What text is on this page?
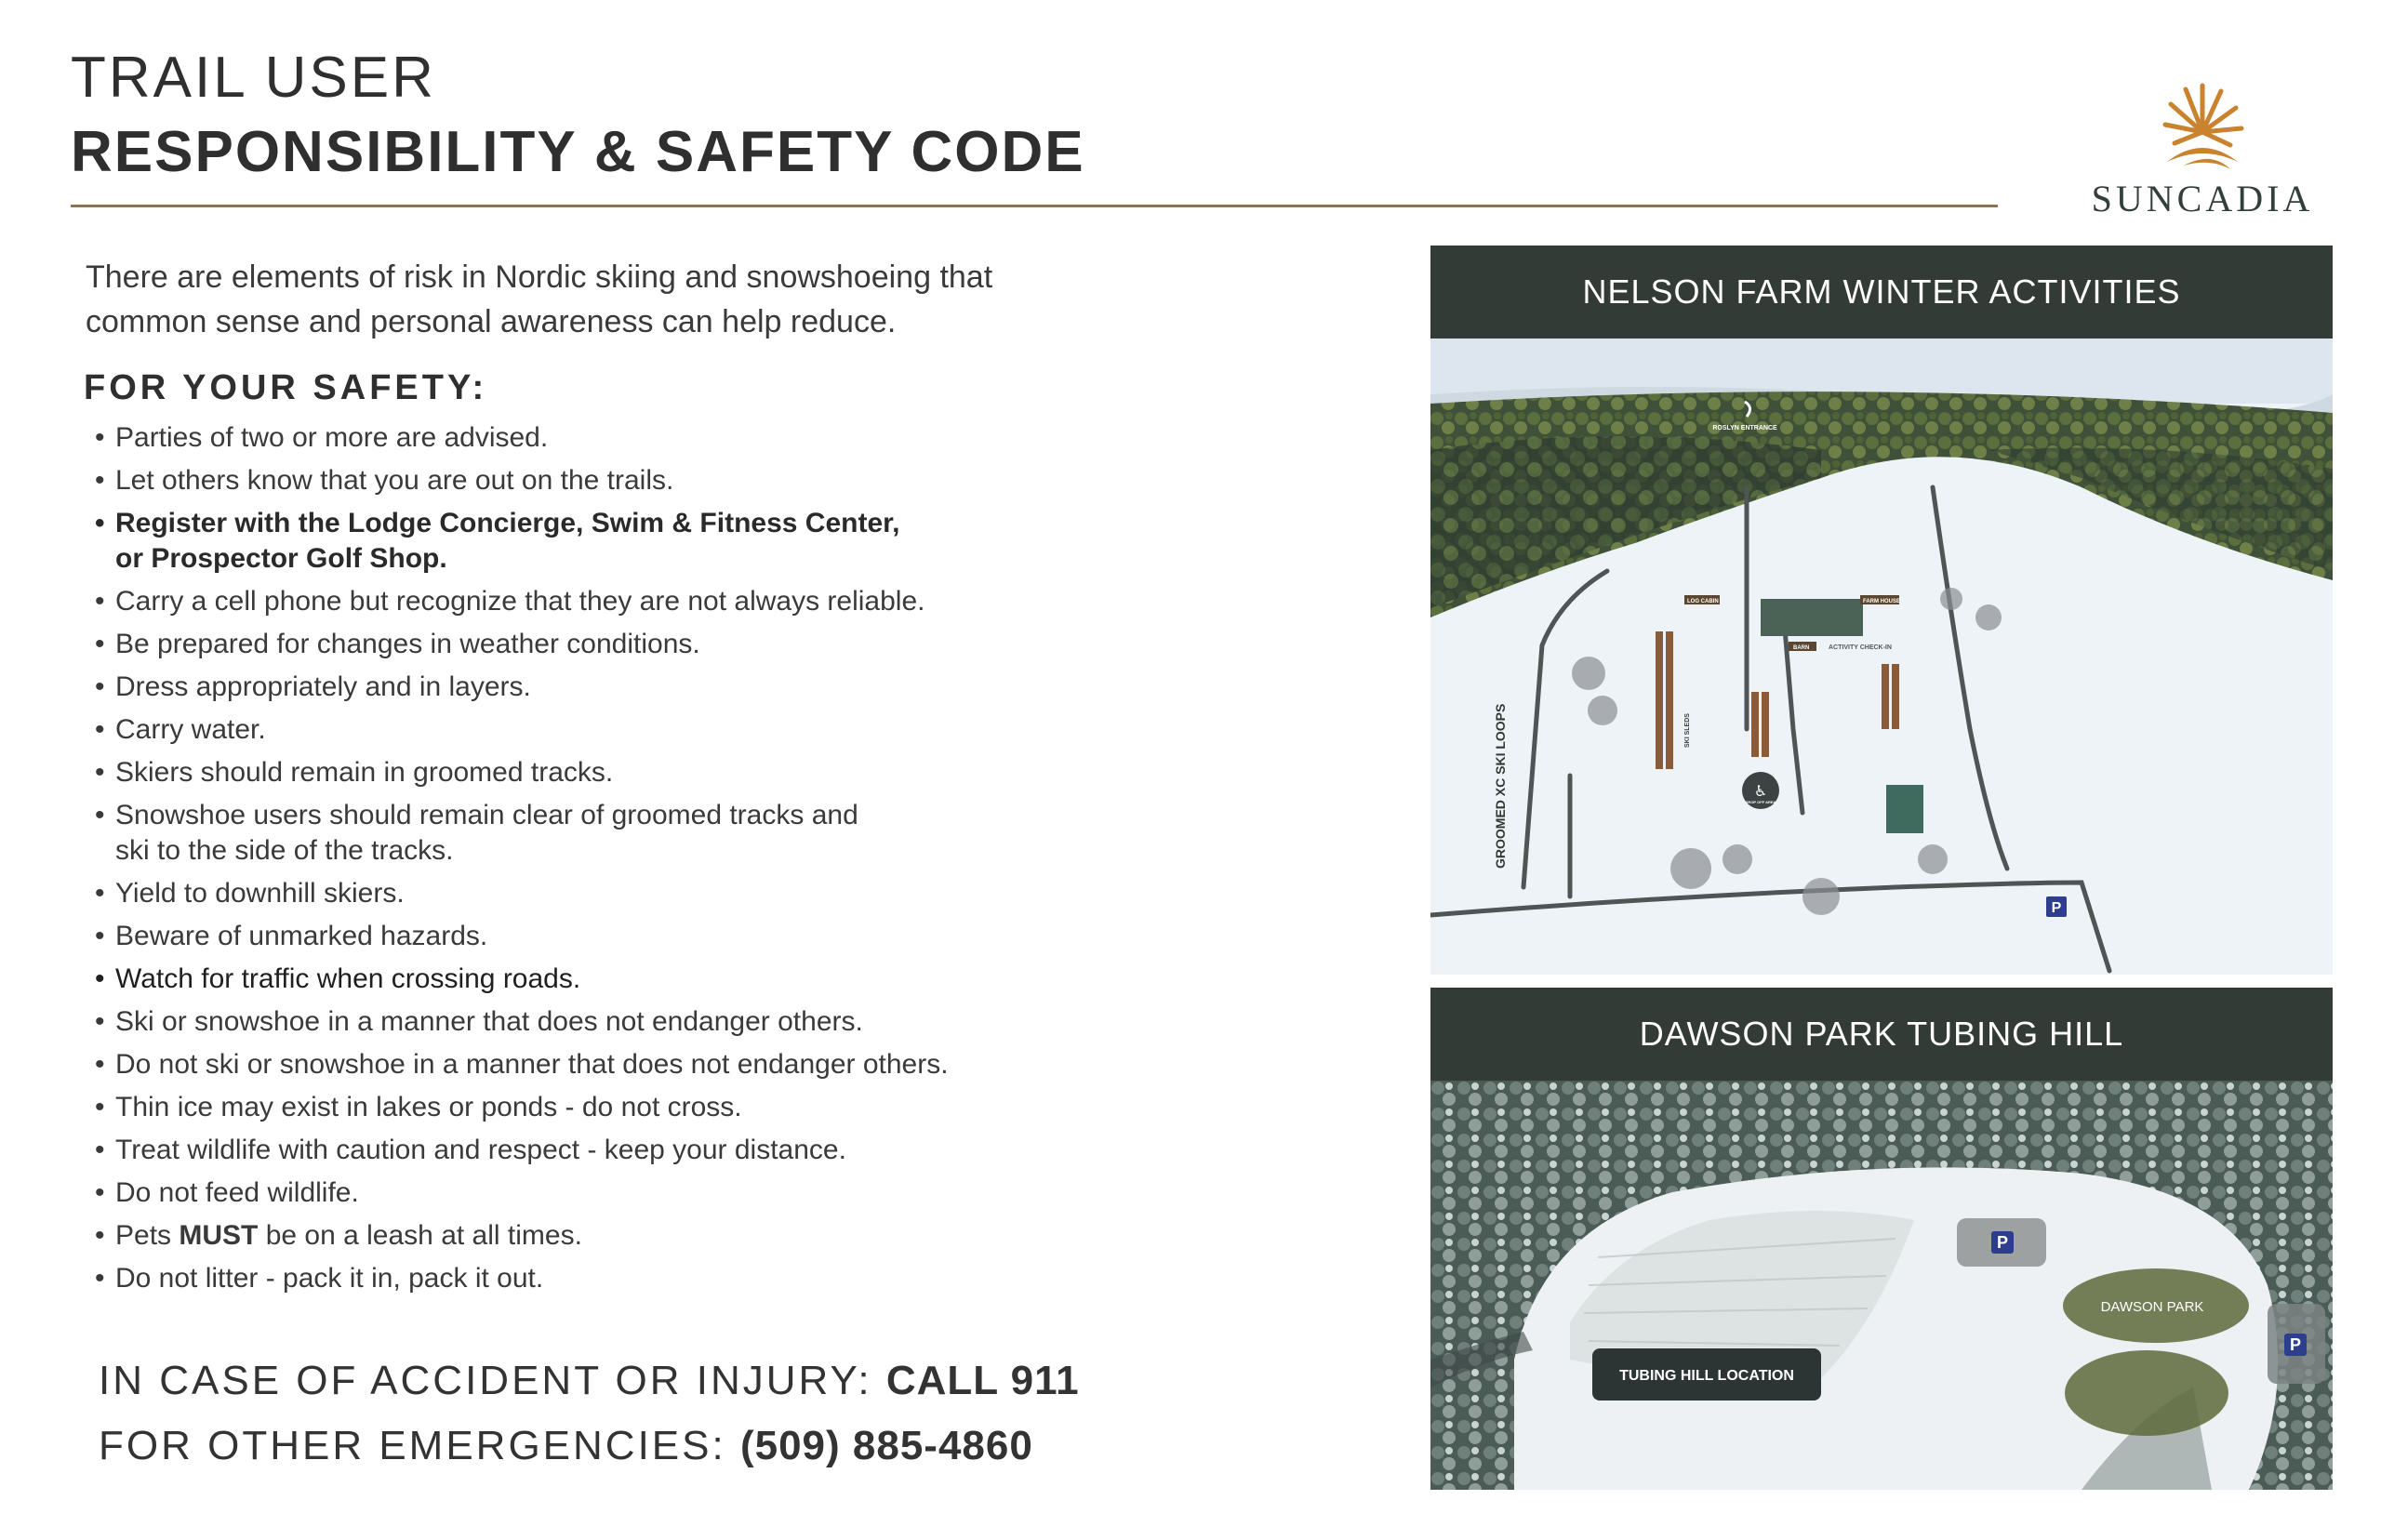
TRAIL USER
RESPONSIBILITY & SAFETY CODE
SUNCADIA
There are elements of risk in Nordic skiing and snowshoeing that common sense and personal awareness can help reduce.
FOR YOUR SAFETY:
• Parties of two or more are advised.
• Let others know that you are out on the trails.
• Register with the Lodge Concierge, Swim & Fitness Center,
or Prospector Golf Shop.
• Carry a cell phone but recognize that they are not always reliable.
• Be prepared for changes in weather conditions.
• Dress appropriately and in layers.
• Carry water.
• Skiers should remain in groomed tracks.
• Snowshoe users should remain clear of groomed tracks and
ski to the side of the tracks.
• Yield to downhill skiers.
• Beware of unmarked hazards.
• Watch for traffic when crossing roads.
• Ski or snowshoe in a manner that does not endanger others.
• Do not ski or snowshoe in a manner that does not endanger others.
• Thin ice may exist in lakes or ponds - do not cross.
• Treat wildlife with caution and respect - keep your distance.
• Do not feed wildlife.
• Pets MUST be on a leash at all times.
• Do not litter - pack it in, pack it out.
IN CASE OF ACCIDENT OR INJURY: CALL 911
FOR OTHER EMERGENCIES: (509) 885-4860
NELSON FARM WINTER ACTIVITIES
ROSLYN ENTRANCE
GROOMED XC SKI LOOPS
LOG CABIN	FARM HOUSE
BARN	ACTIVITY CHECK-IN
SKI SLEDS
♿
DROP OFF AREA
P
DAWSON PARK TUBING HILL
P
DAWSON PARK
P
TUBING HILL LOCATION
